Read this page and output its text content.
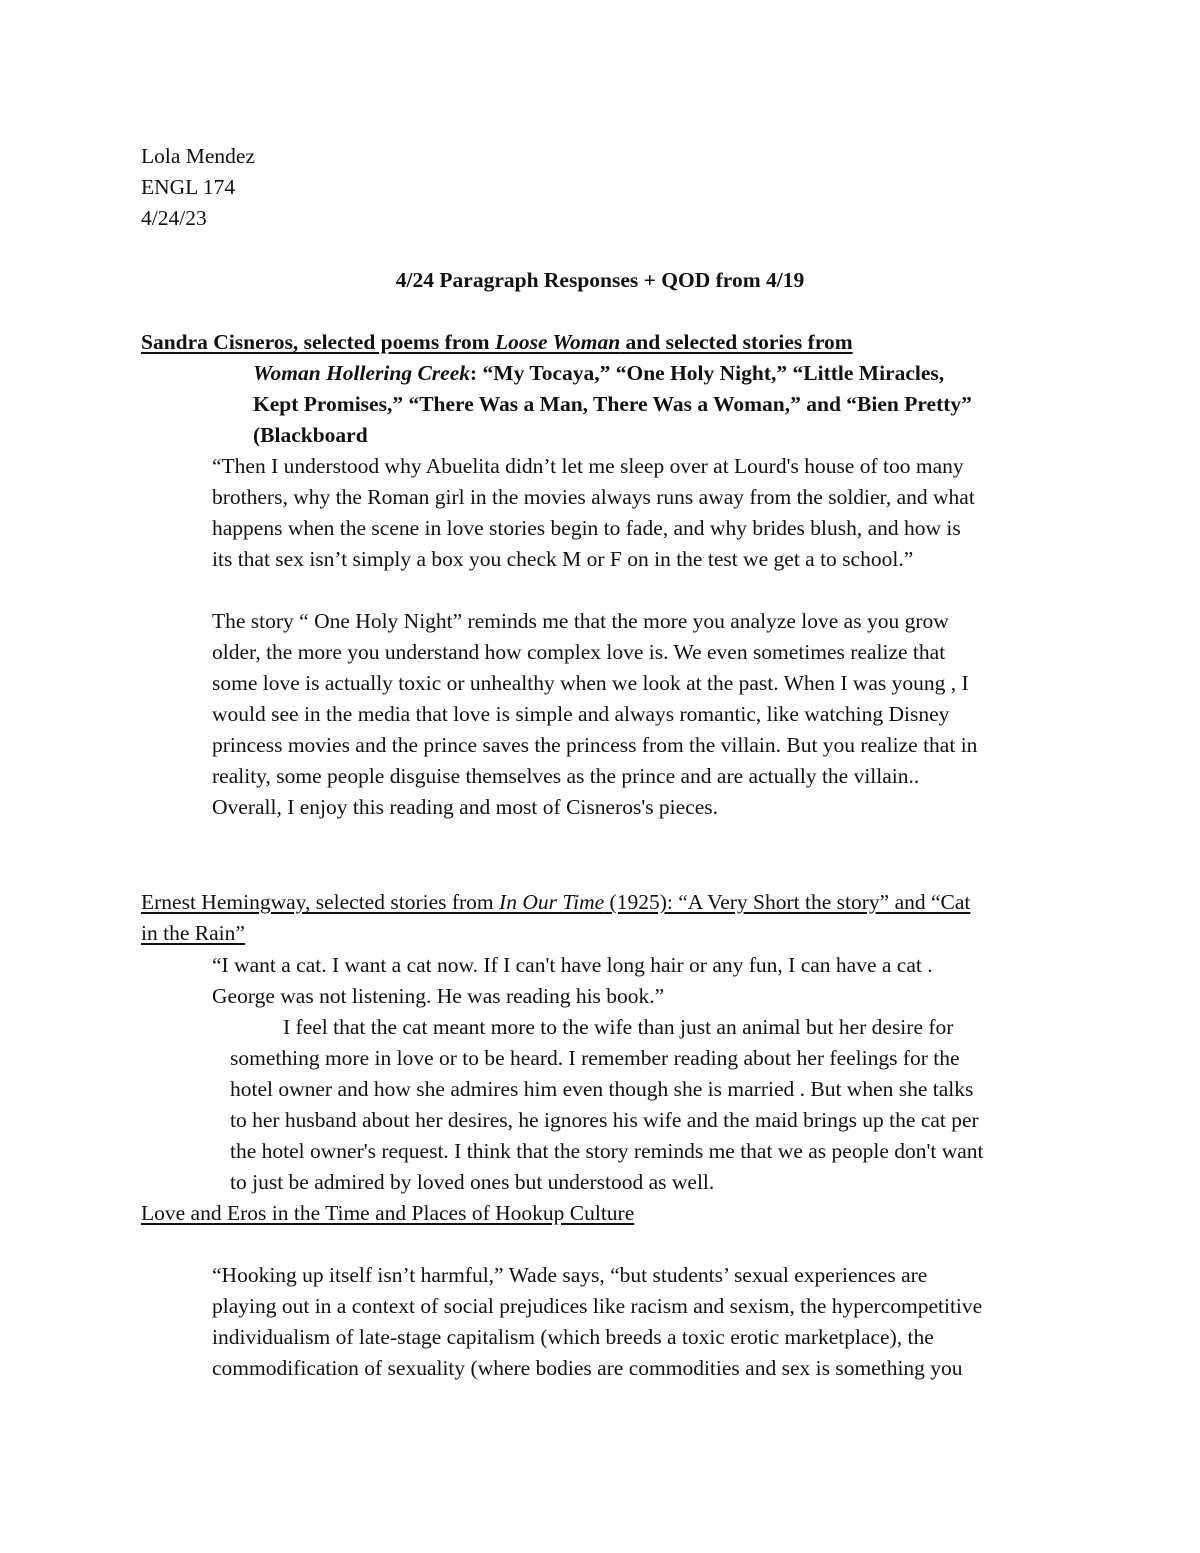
Lola Mendez
ENGL 174
4/24/23
4/24 Paragraph Responses + QOD from 4/19
Sandra Cisneros, selected poems from Loose Woman and selected stories from
Woman Hollering Creek: “My Tocaya,” “One Holy Night,” “Little Miracles,
Kept Promises,” “There Was a Man, There Was a Woman,” and “Bien Pretty”
(Blackboard
“Then I understood why Abuelita didn’t let me sleep over at Lourd's house of too many
brothers, why the Roman girl in the movies always runs away from the soldier, and what
happens when the scene in love stories begin to fade, and why brides blush, and how is
its that sex isn’t simply a box you check M or F on in the test we get a to school.”
The story “ One Holy Night” reminds me that the more you analyze love as you grow
older, the more you understand how complex love is. We even sometimes realize that
some love is actually toxic or unhealthy when we look at the past. When I was young , I
would see in the media that love is simple and always romantic, like watching Disney
princess movies and the prince saves the princess from the villain. But you realize that in
reality, some people disguise themselves as the prince and are actually the villain..
Overall, I enjoy this reading and most of Cisneros's pieces.
Ernest Hemingway, selected stories from In Our Time (1925): “A Very Short the story” and “Cat
in the Rain”
“I want a cat. I want a cat now. If I can't have long hair or any fun, I can have a cat .
George was not listening. He was reading his book.”
I feel that the cat meant more to the wife than just an animal but her desire for
something more in love or to be heard. I remember reading about her feelings for the
hotel owner and how she admires him even though she is married . But when she talks
to her husband about her desires, he ignores his wife and the maid brings up the cat per
the hotel owner's request. I think that the story reminds me that we as people don't want
to just be admired by loved ones but understood as well.
Love and Eros in the Time and Places of Hookup Culture
“Hooking up itself isn’t harmful,” Wade says, “but students’ sexual experiences are
playing out in a context of social prejudices like racism and sexism, the hypercompetitive
individualism of late-stage capitalism (which breeds a toxic erotic marketplace), the
commodification of sexuality (where bodies are commodities and sex is something you
